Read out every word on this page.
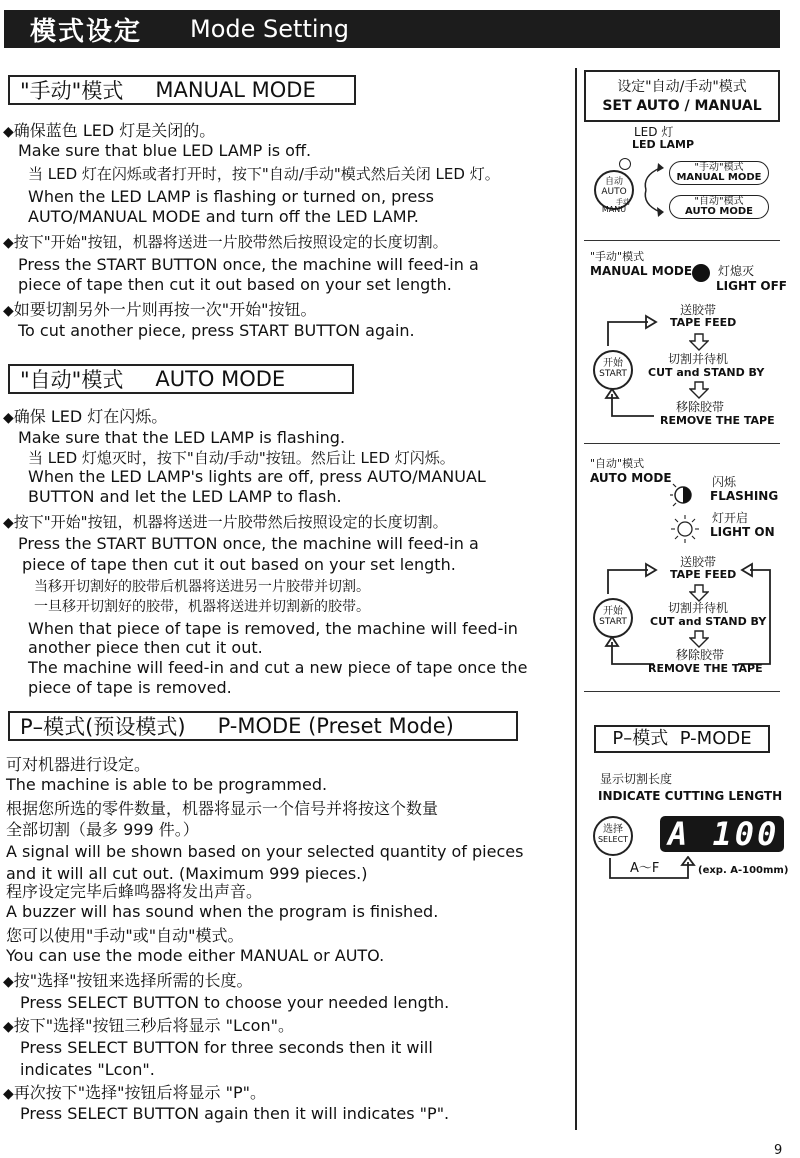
模式设定 Mode Setting
"手动"模式 MANUAL MODE
◆确保蓝色 LED 灯是关闭的。
Make sure that blue LED LAMP is off.
当 LED 灯在闪烁或者打开时，按下"自动/手动"模式然后关闭 LED 灯。
When the LED LAMP is flashing or turned on, press
AUTO/MANUAL MODE and turn off the LED LAMP.
◆按下"开始"按钮，机器将送进一片胶带然后按照设定的长度切割。
Press the START BUTTON once, the machine will feed-in a
piece of tape then cut it out based on your set length.
◆如要切割另外一片则再按一次"开始"按钮。
To cut another piece, press START BUTTON again.
"自动"模式 AUTO MODE
◆确保 LED 灯在闪烁。
Make sure that the LED LAMP is flashing.
当 LED 灯熄灭时，按下"自动/手动"按钮。然后让 LED 灯闪烁。
When the LED LAMP's lights are off, press AUTO/MANUAL
BUTTON and let the LED LAMP to flash.
◆按下"开始"按钮，机器将送进一片胶带然后按照设定的长度切割。
Press the START BUTTON once, the machine will feed-in a
piece of tape then cut it out based on your set length.
当移开切割好的胶带后机器将送进另一片胶带并切割。
一旦移开切割好的胶带，机器将送进并切割新的胶带。
When that piece of tape is removed, the machine will feed-in
another piece then cut it out.
The machine will feed-in and cut a new piece of tape once the
piece of tape is removed.
P–模式(预设模式) P-MODE (Preset Mode)
可对机器进行设定。
The machine is able to be programmed.
根据您所选的零件数量，机器将显示一个信号并将按这个数量
全部切割（最多 999 件。）
A signal will be shown based on your selected quantity of pieces
and it will all cut out. (Maximum 999 pieces.)
程序设定完毕后蜂鸣器将发出声音。
A buzzer will has sound when the program is finished.
您可以使用"手动"或"自动"模式。
You can use the mode either MANUAL or AUTO.
◆按"选择"按钮来选择所需的长度。
Press SELECT BUTTON to choose your needed length.
◆按下"选择"按钮三秒后将显示 "Lcon"。
Press SELECT BUTTON for three seconds then it will
indicates "Lcon".
◆再次按下"选择"按钮后将显示 "P"。
Press SELECT BUTTON again then it will indicates "P".
设定"自动/手动"模式
SET AUTO / MANUAL
LED 灯
LED LAMP
自动
AUTO
手动
MANU
"手动"模式
MANUAL MODE
"自动"模式
AUTO MODE
"手动"模式
MANUAL MODE 灯熄灭
LIGHT OFF
送胶带
TAPE FEED
开始
START
切割并待机
CUT and STAND BY
移除胶带
REMOVE THE TAPE
"自动"模式
AUTO MODE	闪烁
FLASHING
灯开启
LIGHT ON
送胶带
TAPE FEED
开始
START
切割并待机
CUT and STAND BY
移除胶带
REMOVE THE TAPE
P–模式 P-MODE
显示切割长度
INDICATE CUTTING LENGTH
选择
SELECT A 100
A～F	(exp. A-100mm)
9
